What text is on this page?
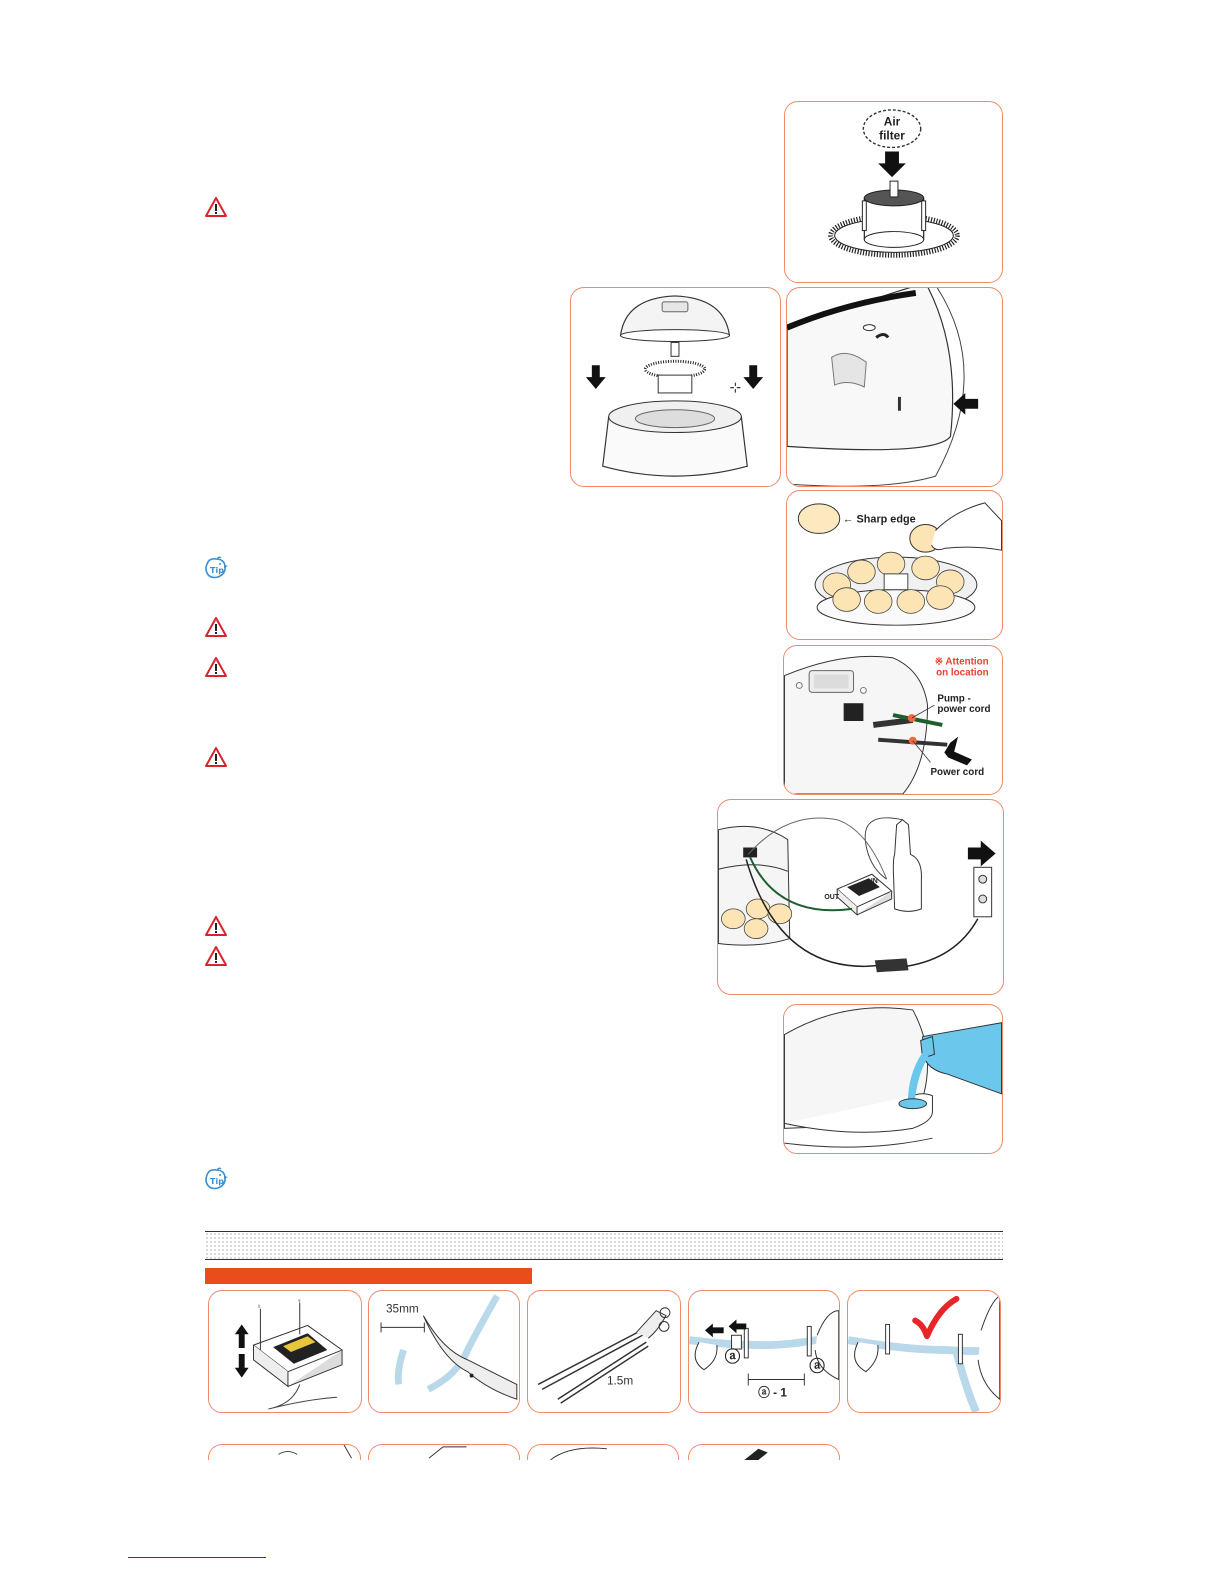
Tip
Tip
Air
filter
⊹
← Sharp edge
※ Attention
on location
Pump -
power cord
Power cord
OUT
IN
♀
♀
35mm
1.5m
ⓐ
ⓐ
ⓐ - 1
